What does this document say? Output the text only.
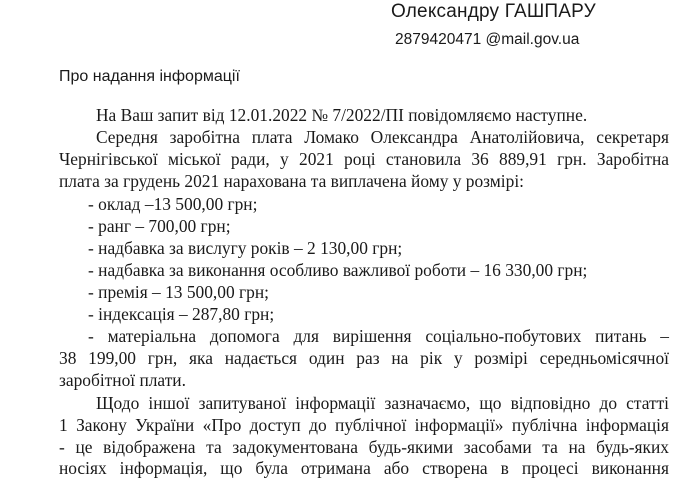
Олександру ГАШПАРУ
2879420471 @mail.gov.ua
Про надання інформації
На Ваш запит від 12.01.2022 № 7/2022/ПІ повідомляємо наступне.
Середня заробітна плата Ломако Олександра Анатолійовича, секретаря
Чернігівської міської ради, у 2021 році становила 36 889,91 грн. Заробітна
плата за грудень 2021 нарахована та виплачена йому у розмірі:
- оклад –13 500,00 грн;
- ранг – 700,00 грн;
- надбавка за вислугу років – 2 130,00 грн;
- надбавка за виконання особливо важливої роботи – 16 330,00 грн;
- премія – 13 500,00 грн;
- індексація – 287,80 грн;
- матеріальна допомога для вирішення соціально-побутових питань –
38 199,00 грн, яка надається один раз на рік у розмірі середньомісячної
заробітної плати.
Щодо іншої запитуваної інформації зазначаємо, що відповідно до статті
1 Закону України «Про доступ до публічної інформації» публічна інформація
- це відображена та задокументована будь-якими засобами та на будь-яких
носіях інформація, що була отримана або створена в процесі виконання
